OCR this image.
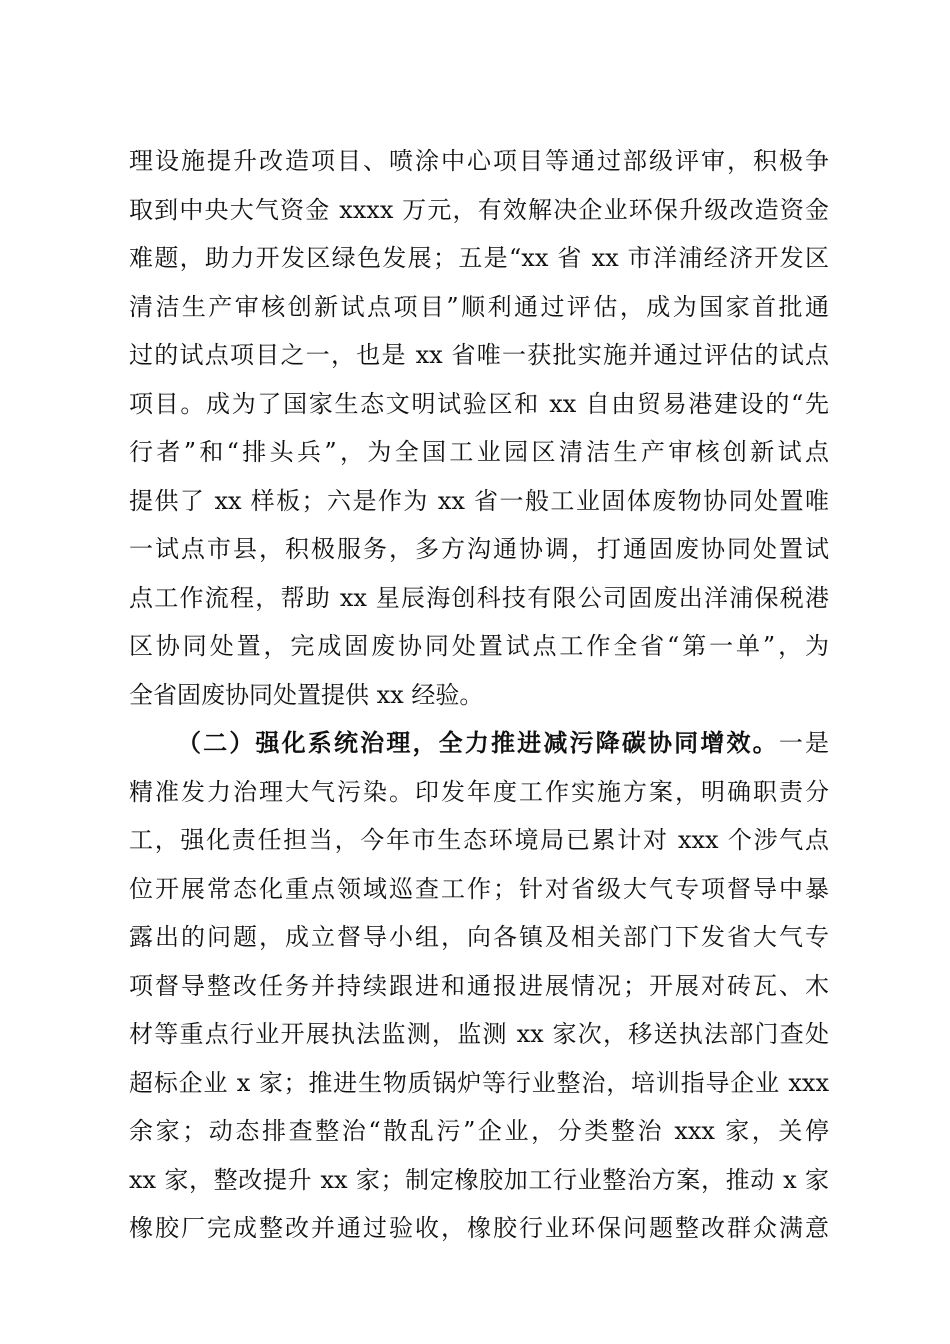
理设施提升改造项目、喷涂中心项目等通过部级评审，积极争
取到中央大气资金 xxxx 万元，有效解决企业环保升级改造资金
难题，助力开发区绿色发展；五是“xx 省 xx 市洋浦经济开发区
清洁生产审核创新试点项目”顺利通过评估，成为国家首批通
过的试点项目之一，也是 xx 省唯一获批实施并通过评估的试点
项目。成为了国家生态文明试验区和 xx 自由贸易港建设的“先
行者”和“排头兵”，为全国工业园区清洁生产审核创新试点
提供了 xx 样板；六是作为 xx 省一般工业固体废物协同处置唯
一试点市县，积极服务，多方沟通协调，打通固废协同处置试
点工作流程，帮助 xx 星辰海创科技有限公司固废出洋浦保税港
区协同处置，完成固废协同处置试点工作全省“第一单”，为
全省固废协同处置提供 xx 经验。
（二）强化系统治理，全力推进减污降碳协同增效。一是
精准发力治理大气污染。印发年度工作实施方案，明确职责分
工，强化责任担当，今年市生态环境局已累计对 xxx 个涉气点
位开展常态化重点领域巡查工作；针对省级大气专项督导中暴
露出的问题，成立督导小组，向各镇及相关部门下发省大气专
项督导整改任务并持续跟进和通报进展情况；开展对砖瓦、木
材等重点行业开展执法监测，监测 xx 家次，移送执法部门查处
超标企业 x 家；推进生物质锅炉等行业整治，培训指导企业 xxx
余家；动态排查整治“散乱污”企业，分类整治 xxx 家，关停
xx 家，整改提升 xx 家；制定橡胶加工行业整治方案，推动 x 家
橡胶厂完成整改并通过验收，橡胶行业环保问题整改群众满意
